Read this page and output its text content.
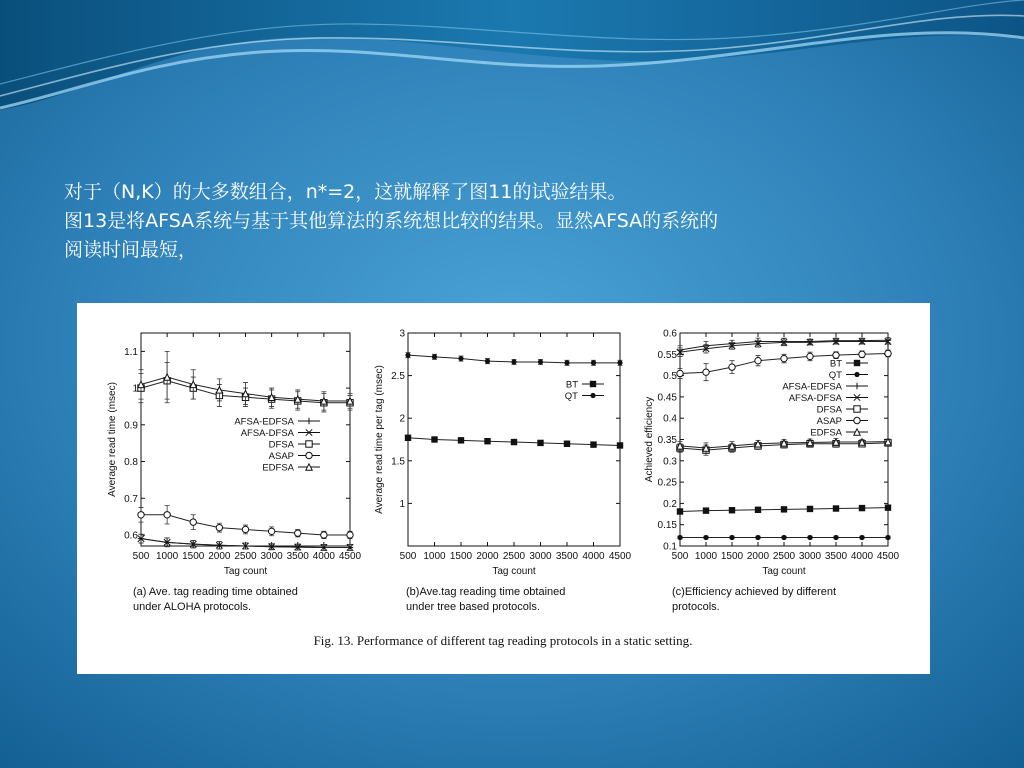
对于（N,K）的大多数组合，n*=2，这就解释了图11的试验结果。
图13是将AFSA系统与基于其他算法的系统想比较的结果。显然AFSA的系统的
阅读时间最短，
Fig. 13. Performance of different tag reading protocols in a static setting.
500 1000 1500 2000 2500 3000 3500 4000 4500
0.6
0.7
0.8
0.9
1
1.1
Tag count
Average read time (msec)	AFSA-EDFSA
AFSA-DFSA
DFSA
ASAP
EDFSA
(a) Ave. tag reading time obtained
under ALOHA protocols.
500 1000 1500 2000 2500 3000 3500 4000 4500
1
1.5
2
2.5
3
Tag count
Average read time per tag (msec)	BT
QT
(b)Ave.tag reading time obtained
under tree based protocols.
500 1000 1500 2000 2500 3000 3500 4000 4500
0.1
0.15
0.2
0.25
0.3
0.35
0.4
0.45
0.5
0.55
0.6
Tag count
Achieved efficiency
BT
QT
AFSA-EDFSA
AFSA-DFSA
DFSA
ASAP
EDFSA
(c)Efficiency achieved by different
protocols.
